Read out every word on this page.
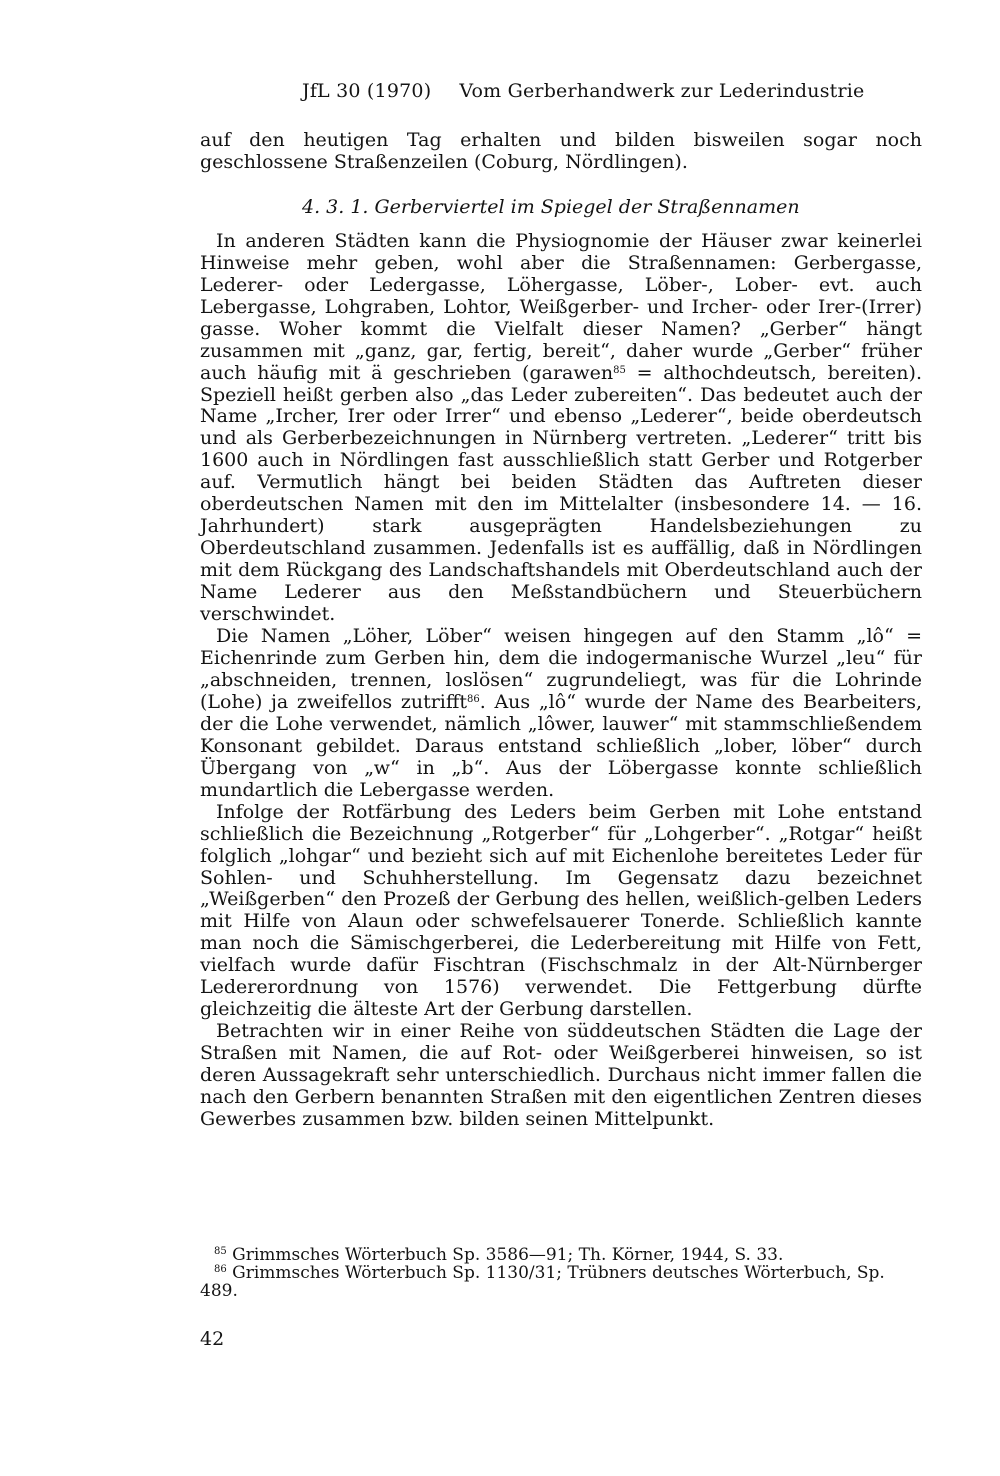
JfL 30 (1970) Vom Gerberhandwerk zur Lederindustrie

auf den heutigen Tag erhalten und bilden bisweilen sogar noch geschlossene Straßenzeilen (Coburg, Nördlingen).

4. 3. 1. Gerberviertel im Spiegel der Straßennamen

In anderen Städten kann die Physiognomie der Häuser zwar keinerlei Hinweise mehr geben, wohl aber die Straßennamen: Gerbergasse, Lederer- oder Ledergasse, Löhergasse, Löber-, Lober- evt. auch Lebergasse, Lohgraben, Lohtor, Weißgerber- und Ircher- oder Irer-(Irrer) gasse. Woher kommt die Vielfalt dieser Namen? „Gerber“ hängt zusammen mit „ganz, gar, fertig, bereit“, daher wurde „Gerber“ früher auch häufig mit ä geschrieben (garawen$^{85}$ = althochdeutsch, bereiten). Speziell heißt gerben also „das Leder zubereiten“. Das bedeutet auch der Name „Ircher, Irer oder Irrer“ und ebenso „Lederer“, beide oberdeutsch und als Gerberbezeichnungen in Nürnberg vertreten. „Lederer“ tritt bis 1600 auch in Nördlingen fast ausschließlich statt Gerber und Rotgerber auf. Vermutlich hängt bei beiden Städten das Auftreten dieser oberdeutschen Namen mit den im Mittelalter (insbesondere 14. — 16. Jahrhundert) stark ausgeprägten Handelsbeziehungen zu Oberdeutschland zusammen. Jedenfalls ist es auffällig, daß in Nördlingen mit dem Rückgang des Landschaftshandels mit Oberdeutschland auch der Name Lederer aus den Meßstandbüchern und Steuerbüchern verschwindet.

Die Namen „Löher, Löber“ weisen hingegen auf den Stamm „lô“ = Eichenrinde zum Gerben hin, dem die indogermanische Wurzel „leu“ für „abschneiden, trennen, loslösen“ zugrundeliegt, was für die Lohrinde (Lohe) ja zweifellos zutrifft$^{86}$. Aus „lô“ wurde der Name des Bearbeiters, der die Lohe verwendet, nämlich „lôwer, lauwer“ mit stammschließendem Konsonant gebildet. Daraus entstand schließlich „lober, löber“ durch Übergang von „w“ in „b“. Aus der Löbergasse konnte schließlich mundartlich die Lebergasse werden.

Infolge der Rotfärbung des Leders beim Gerben mit Lohe entstand schließlich die Bezeichnung „Rotgerber“ für „Lohgerber“. „Rotgar“ heißt folglich „lohgar“ und bezieht sich auf mit Eichenlohe bereitetes Leder für Sohlen- und Schuhherstellung. Im Gegensatz dazu bezeichnet „Weißgerben“ den Prozeß der Gerbung des hellen, weißlich-gelben Leders mit Hilfe von Alaun oder schwefelsauerer Tonerde. Schließlich kannte man noch die Sämischgerberei, die Lederbereitung mit Hilfe von Fett, vielfach wurde dafür Fischtran (Fischschmalz in der Alt-Nürnberger Ledererordnung von 1576) verwendet. Die Fettgerbung dürfte gleichzeitig die älteste Art der Gerbung darstellen.

Betrachten wir in einer Reihe von süddeutschen Städten die Lage der Straßen mit Namen, die auf Rot- oder Weißgerberei hinweisen, so ist deren Aussagekraft sehr unterschiedlich. Durchaus nicht immer fallen die nach den Gerbern benannten Straßen mit den eigentlichen Zentren dieses Gewerbes zusammen bzw. bilden seinen Mittelpunkt.

$^{85}$ Grimmsches Wörterbuch Sp. 3586—91; Th. Körner, 1944, S. 33.

$^{86}$ Grimmsches Wörterbuch Sp. 1130/31; Trübners deutsches Wörterbuch, Sp. 489.

42
